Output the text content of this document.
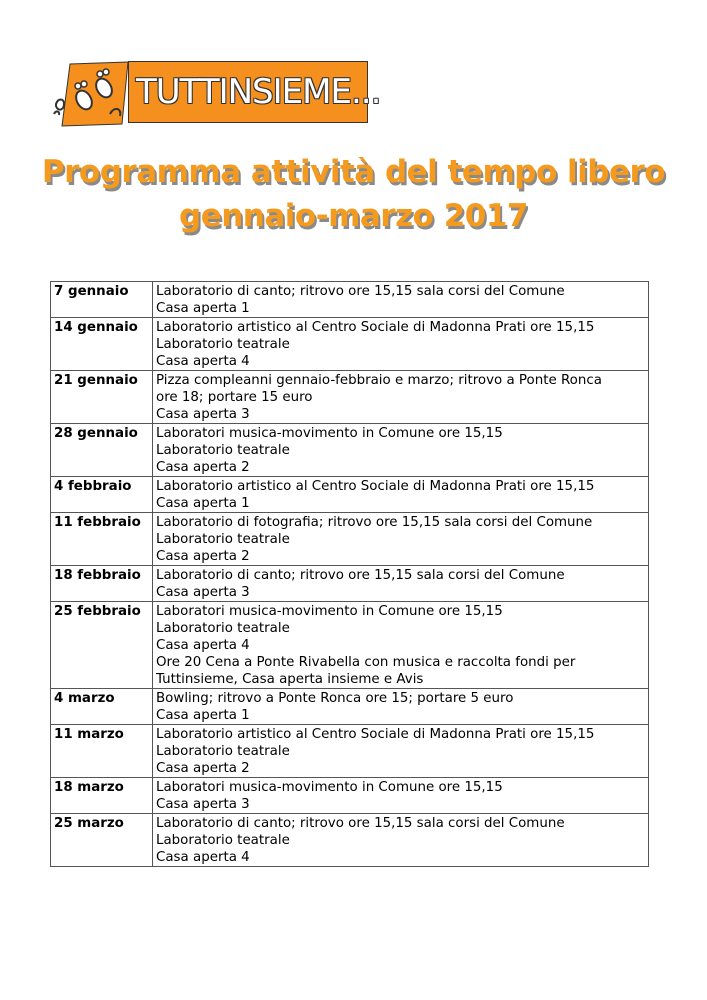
TUTTINSIEME...
Programma attività del tempo libero
gennaio-marzo 2017
7 gennaio	Laboratorio di canto; ritrovo ore 15,15 sala corsi del Comune
Casa aperta 1

14 gennaio	Laboratorio artistico al Centro Sociale di Madonna Prati ore 15,15
Laboratorio teatrale
Casa aperta 4

21 gennaio	Pizza compleanni gennaio-febbraio e marzo; ritrovo a Ponte Ronca
ore 18; portare 15 euro
Casa aperta 3

28 gennaio	Laboratori musica-movimento in Comune ore 15,15
Laboratorio teatrale
Casa aperta 2

4 febbraio	Laboratorio artistico al Centro Sociale di Madonna Prati ore 15,15
Casa aperta 1

11 febbraio	Laboratorio di fotografia; ritrovo ore 15,15 sala corsi del Comune
Laboratorio teatrale
Casa aperta 2

18 febbraio	Laboratorio di canto; ritrovo ore 15,15 sala corsi del Comune
Casa aperta 3

25 febbraio	Laboratori musica-movimento in Comune ore 15,15
Laboratorio teatrale
Casa aperta 4
Ore 20 Cena a Ponte Rivabella con musica e raccolta fondi per
Tuttinsieme, Casa aperta insieme e Avis

4 marzo	Bowling; ritrovo a Ponte Ronca ore 15; portare 5 euro
Casa aperta 1

11 marzo	Laboratorio artistico al Centro Sociale di Madonna Prati ore 15,15
Laboratorio teatrale
Casa aperta 2

18 marzo	Laboratori musica-movimento in Comune ore 15,15
Casa aperta 3

25 marzo	Laboratorio di canto; ritrovo ore 15,15 sala corsi del Comune
Laboratorio teatrale
Casa aperta 4
